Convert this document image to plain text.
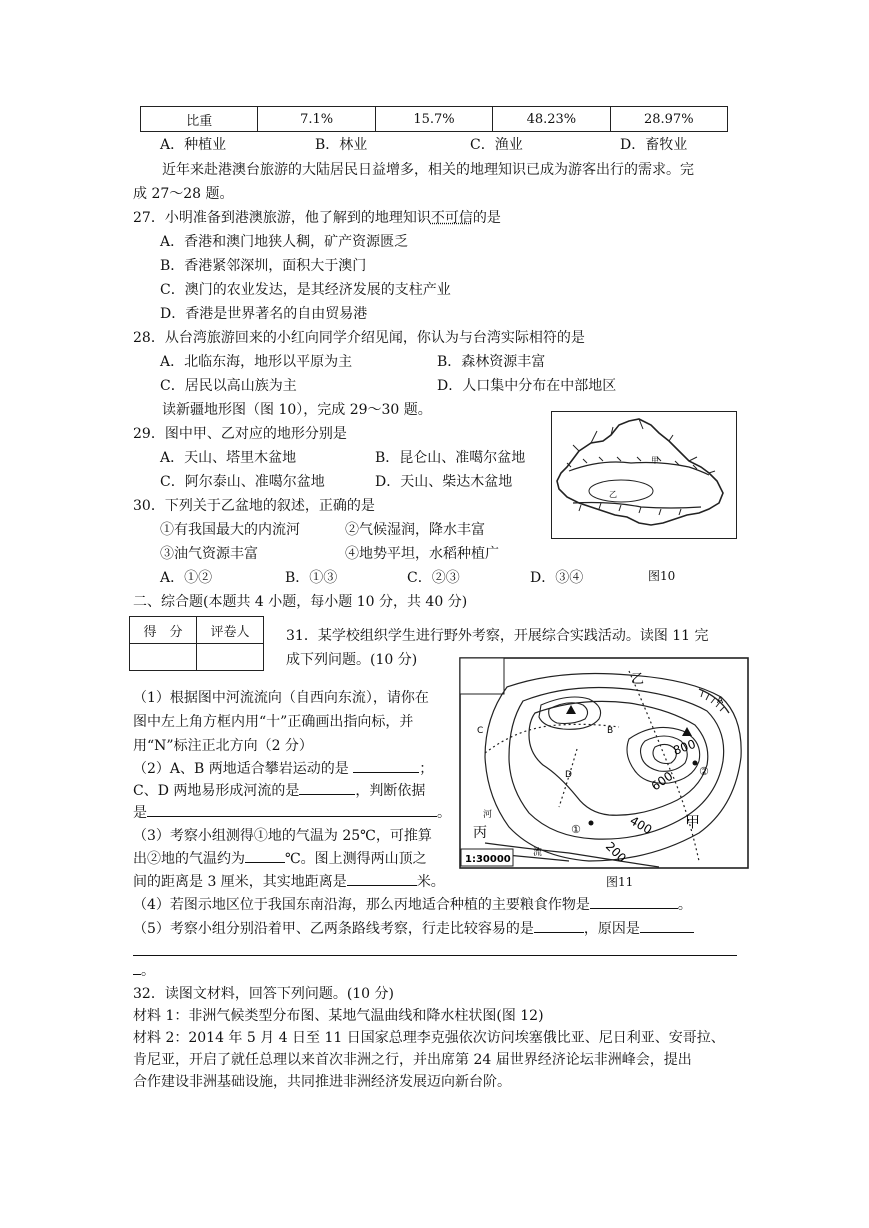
比重	7.1%	15.7%	48.23%	28.97%
A．种植业	B．林业	C．渔业	D．畜牧业
近年来赴港澳台旅游的大陆居民日益增多，相关的地理知识已成为游客出行的需求。完
成 27～28 题。
27．小明准备到港澳旅游，他了解到的地理知识不可信的是
A．香港和澳门地狭人稠，矿产资源匮乏
B．香港紧邻深圳，面积大于澳门
C．澳门的农业发达，是其经济发展的支柱产业
D．香港是世界著名的自由贸易港
28．从台湾旅游回来的小红向同学介绍见闻，你认为与台湾实际相符的是
A．北临东海，地形以平原为主	B．森林资源丰富
C．居民以高山族为主	D．人口集中分布在中部地区
读新疆地形图（图 10），完成 29～30 题。
29．图中甲、乙对应的地形分别是
A．天山、塔里木盆地	B．昆仑山、准噶尔盆地
C．阿尔泰山、准噶尔盆地	D．天山、柴达木盆地
30．下列关于乙盆地的叙述，正确的是
①有我国最大的内流河	②气候湿润，降水丰富
③油气资源丰富	④地势平坦，水稻种植广
A．①②	B．①③	C．②③	D．③④
甲
乙
图10
二、综合题(本题共 4 小题，每小题 10 分，共 40 分)
得　分	评卷人
		31．某学校组织学生进行野外考察，开展综合实践活动。读图 11 完
成下列问题。(10 分)
（1）根据图中河流流向（自西向东流），请你在
图中左上角方框内用“十”正确画出指向标，并
用“N”标注正北方向（2 分）
（2）A、B 两地适合攀岩运动的是	；
C、D 两地易形成河流的是	，判断依据
是	。
（3）考察小组测得①地的气温为 25℃，可推算
出②地的气温约为	℃。图上测得两山顶之
间的距离是 3 厘米，其实地距离是	米。
（4）若图示地区位于我国东南沿海，那么丙地适合种植的主要粮食作物是	。
（5）考察小组分别沿着甲、乙两条路线考察，行走比较容易的是	，原因是
。
A
B
C
D
甲
乙
丙
河
流
①
②
800
600
400
200
1:30000
图11
32．读图文材料，回答下列问题。(10 分)
材料 1：非洲气候类型分布图、某地气温曲线和降水柱状图(图 12)
材料 2：2014 年 5 月 4 日至 11 日国家总理李克强依次访问埃塞俄比亚、尼日利亚、安哥拉、
肯尼亚，开启了就任总理以来首次非洲之行，并出席第 24 届世界经济论坛非洲峰会，提出
合作建设非洲基础设施，共同推进非洲经济发展迈向新台阶。
